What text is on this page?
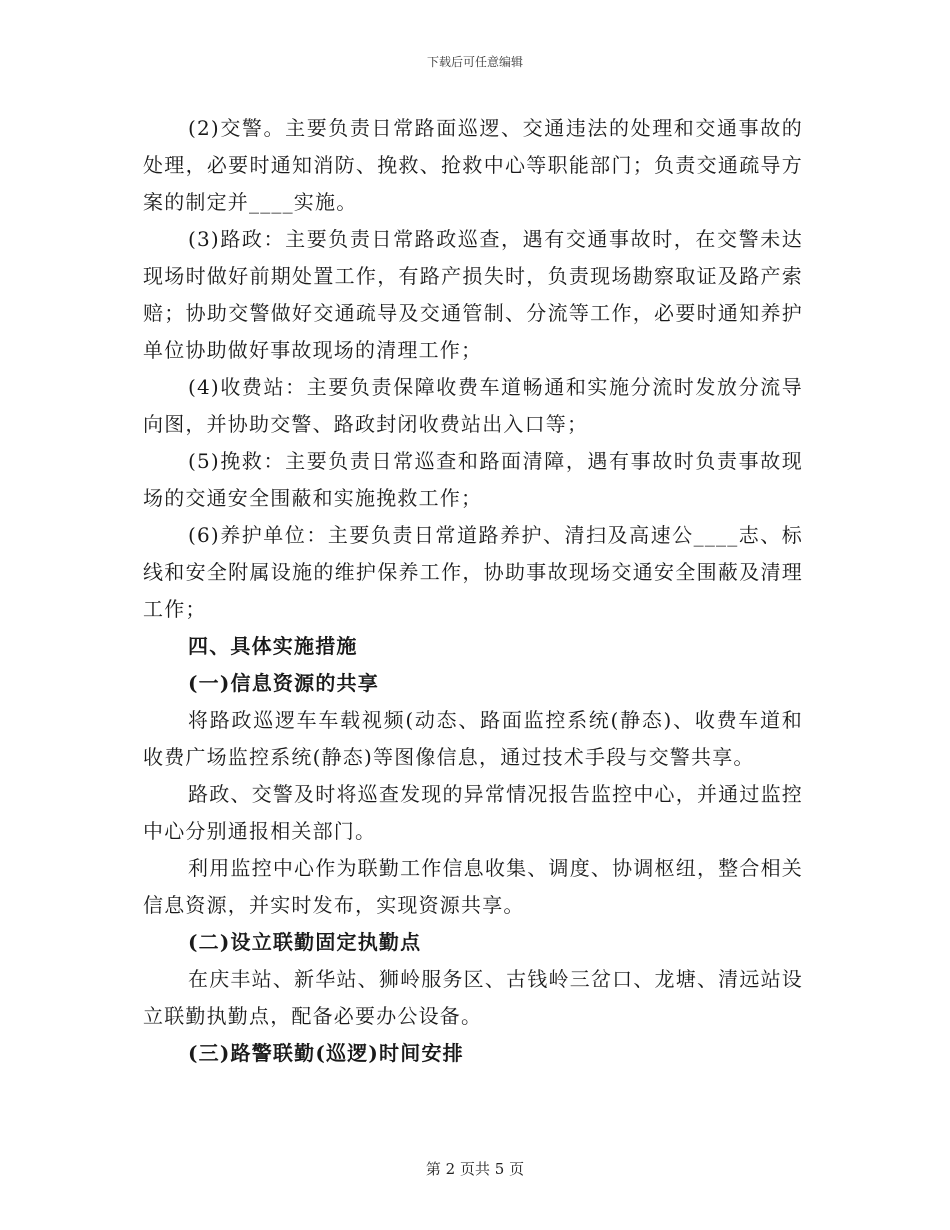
下载后可任意编辑

(2)交警。主要负责日常路面巡逻、交通违法的处理和交通事故的处理，必要时通知消防、挽救、抢救中心等职能部门；负责交通疏导方案的制定并____实施。

(3)路政：主要负责日常路政巡查，遇有交通事故时，在交警未达现场时做好前期处置工作，有路产损失时，负责现场勘察取证及路产索赔；协助交警做好交通疏导及交通管制、分流等工作，必要时通知养护单位协助做好事故现场的清理工作；

(4)收费站：主要负责保障收费车道畅通和实施分流时发放分流导向图，并协助交警、路政封闭收费站出入口等；

(5)挽救：主要负责日常巡查和路面清障，遇有事故时负责事故现场的交通安全围蔽和实施挽救工作；

(6)养护单位：主要负责日常道路养护、清扫及高速公____志、标线和安全附属设施的维护保养工作，协助事故现场交通安全围蔽及清理工作；

四、具体实施措施

(一)信息资源的共享

将路政巡逻车车载视频(动态、路面监控系统(静态)、收费车道和收费广场监控系统(静态)等图像信息，通过技术手段与交警共享。

路政、交警及时将巡查发现的异常情况报告监控中心，并通过监控中心分别通报相关部门。

利用监控中心作为联勤工作信息收集、调度、协调枢纽，整合相关信息资源，并实时发布，实现资源共享。

(二)设立联勤固定执勤点

在庆丰站、新华站、狮岭服务区、古钱岭三岔口、龙塘、清远站设立联勤执勤点，配备必要办公设备。

(三)路警联勤(巡逻)时间安排

第 2 页共 5 页
